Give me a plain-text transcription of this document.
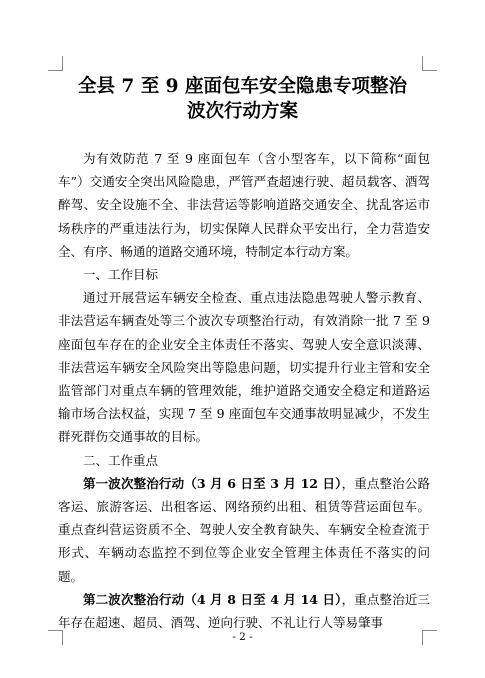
全县 7 至 9 座面包车安全隐患专项整治
波次行动方案

为有效防范 7 至 9 座面包车（含小型客车，以下简称“面包车”）交通安全突出风险隐患，严管严查超速行驶、超员载客、酒驾醉驾、安全设施不全、非法营运等影响道路交通安全、扰乱客运市场秩序的严重违法行为，切实保障人民群众平安出行，全力营造安全、有序、畅通的道路交通环境，特制定本行动方案。

一、工作目标

通过开展营运车辆安全检查、重点违法隐患驾驶人警示教育、非法营运车辆查处等三个波次专项整治行动，有效消除一批 7 至 9 座面包车存在的企业安全主体责任不落实、驾驶人安全意识淡薄、非法营运车辆安全风险突出等隐患问题，切实提升行业主管和安全监管部门对重点车辆的管理效能，维护道路交通安全稳定和道路运输市场合法权益，实现 7 至 9 座面包车交通事故明显减少，不发生群死群伤交通事故的目标。

二、工作重点

第一波次整治行动（3 月 6 日至 3 月 12 日），重点整治公路客运、旅游客运、出租客运、网络预约出租、租赁等营运面包车。重点查纠营运资质不全、驾驶人安全教育缺失、车辆安全检查流于形式、车辆动态监控不到位等企业安全管理主体责任不落实的问题。

第二波次整治行动（4 月 8 日至 4 月 14 日），重点整治近三年存在超速、超员、酒驾、逆向行驶、不礼让行人等易肇事

- 2 -
